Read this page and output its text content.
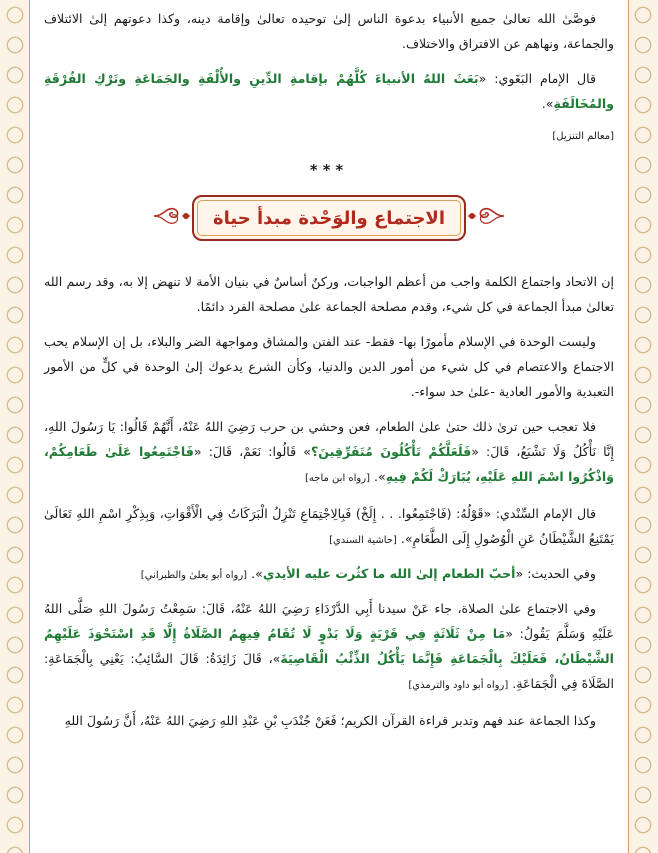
فوصَّىٰ الله تعالىٰ جميع الأنبياء بدعوة الناس إلىٰ توحيده تعالىٰ وإقامة دينه، وكذا دعوتهم إلىٰ الائتلاف والجماعة، ونهاهم عن الافتراق والاختلاف.

قال الإمام البَغَوي: «بَعَثَ اللهُ الأنبياءَ كُلَّهُمْ بإقامةِ الدِّينِ والأُلْفَةِ والجَمَاعَةِ وتَرْكِ الفُرْقَةِ والمُخَالَفَةِ».

[معالم التنزيل]

***
الاجتماع والوَحْدة مبدأ حياة

إن الاتحاد واجتماع الكلمة واجب من أعظم الواجبات، وركنٌ أساسٌ في بنيان الأمة لا تنهض إلا به، وقد رسم الله تعالىٰ مبدأ الجماعة في كل شيء، وقدم مصلحة الجماعة علىٰ مصلحة الفرد دائمًا.

وليست الوحدة في الإسلام مأمورًا بها- فقط- عند الفتن والمشاق ومواجهة الضر والبلاء، بل إن الإسلام يحب الاجتماع والاعتصام في كل شيء من أمور الدين والدنيا، وكأن الشرع يدعوك إلىٰ الوحدة في كلٍّ من الأمور التعبدية والأمور العادية -علىٰ حد سواء-.

فلا تعجب حين ترىٰ ذلك حتىٰ علىٰ الطعام، فعن وحشي بن حرب رَضِيَ اللهُ عَنْهُ، أَنَّهُمْ قَالُوا: يَا رَسُولَ اللهِ، إِنَّا نَأْكُلُ وَلَا نَشْبَعُ، قَالَ: «فَلَعَلَّكُمْ تَأْكُلُونَ مُتَفَرِّقِينَ؟» قَالُوا: نَعَمْ، قَالَ: «فَاجْتَمِعُوا عَلَىٰ طَعَامِكُمْ، وَاذْكُرُوا اسْمَ اللهِ عَلَيْهِ، يُبَارَكْ لَكُمْ فِيهِ». [رواه ابن ماجه]

قال الإمام السِّنْدي: «قَوْلُهُ: (فَاجْتَمِعُوا. . . إِلَخْ) فَبِالِاجْتِمَاعِ تَنْزِلُ الْبَرَكَاتُ فِي الْأَقْوَاتِ، وَبِذِكْرِ اسْمِ اللهِ تَعَالَىٰ يَمْتَنِعُ الشَّيْطَانُ عَنِ الْوُصُولِ إِلَى الطَّعَامِ». [حاشية السندي]

وفي الحديث: «أحبّ الطعام إلىٰ الله ما كثُرت عليه الأيدي». [رواه أبو يعلىٰ والطبراني]

وفي الاجتماع علىٰ الصلاة، جاء عَنْ سيدنا أَبِي الدَّرْدَاءِ رَضِيَ اللهُ عَنْهُ، قَالَ: سَمِعْتُ رَسُولَ اللهِ صَلَّى اللهُ عَلَيْهِ وَسَلَّمَ يَقُولُ: «مَا مِنْ ثَلَاثَةٍ فِي قَرْيَةٍ وَلَا بَدْوٍ لَا تُقَامُ فِيهِمُ الصَّلَاةُ إِلَّا قَدِ اسْتَحْوَذَ عَلَيْهِمُ الشَّيْطَانُ، فَعَلَيْكَ بِالْجَمَاعَةِ فَإِنَّمَا يَأْكُلُ الذِّئْبُ الْقَاصِيَةَ»، قَالَ زَائِدَةُ: قَالَ السَّائِبُ: يَعْنِي بِالْجَمَاعَةِ: الصَّلَاةَ فِي الْجَمَاعَةِ. [رواه أبو داود والترمذي]

وكذا الجماعة عند فهم وتدبر قراءة القرآن الكريم؛ فَعَنْ جُنْدَبِ بْنِ عَبْدِ اللهِ رَضِيَ اللهُ عَنْهُ، أَنَّ رَسُولَ اللهِ
